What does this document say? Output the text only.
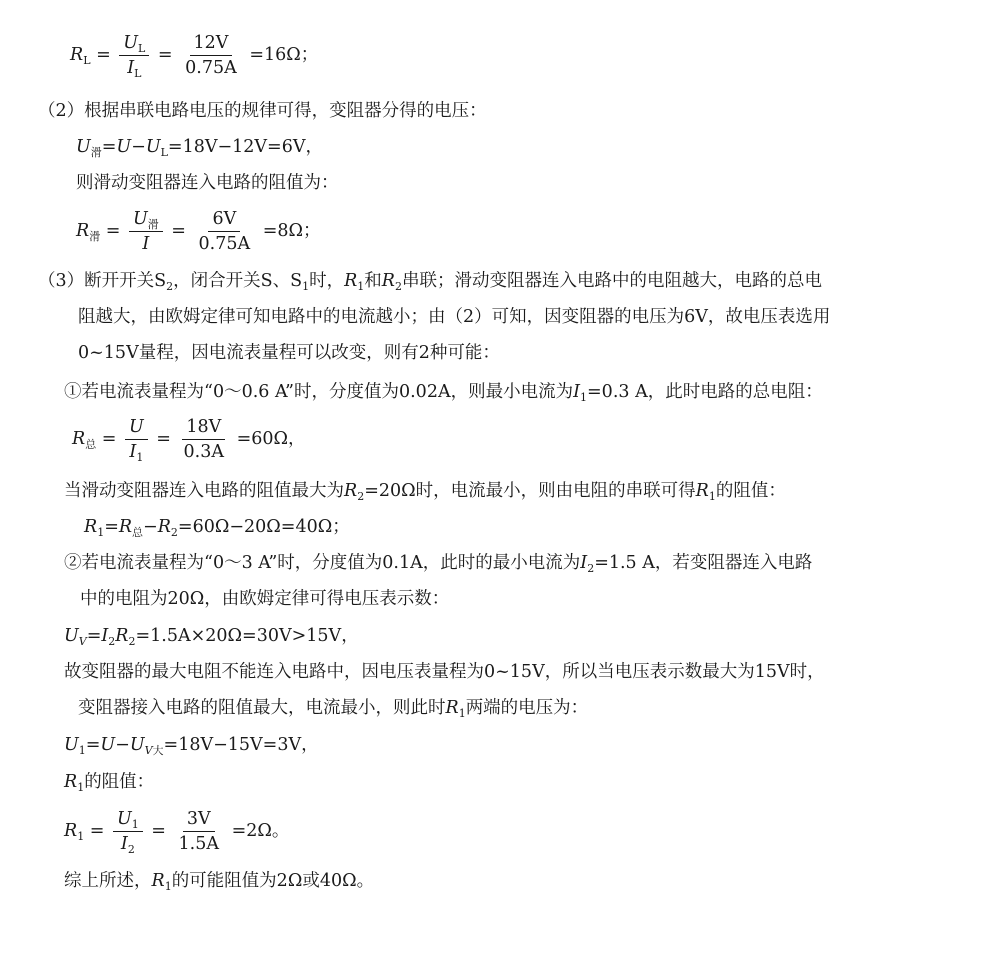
$R_L = \frac{U_L}{I_L} = \frac{12V}{0.75A} =16\Omega$；
（2）根据串联电路电压的规律可得，变阻器分得的电压：
$U_滑=U-U_L=18V-12V=6V$，
则滑动变阻器连入电路的阻值为：
$R_滑 = \frac{U_滑}{I} = \frac{6V}{0.75A} =8\Omega$；
（3）断开开关$S_2$，闭合开关S、$S_1$时，$R_1$和$R_2$串联；滑动变阻器连入电路中的电阻越大，电路的总电
阻越大，由欧姆定律可知电路中的电流越小；由（2）可知，因变阻器的电压为6V，故电压表选用
0~15V量程，因电流表量程可以改变，则有2种可能：
①若电流表量程为“0～0.6 A”时，分度值为0.02A，则最小电流为$I_1=0.3$ A，此时电路的总电阻：
$R_总 = \frac{U}{I_1} = \frac{18V}{0.3A} =60\Omega$，
当滑动变阻器连入电路的阻值最大为$R_2=20\Omega$时，电流最小，则由电阻的串联可得$R_1$的阻值：
$R_1=R_总-R_2=60\Omega-20\Omega=40\Omega$；
②若电流表量程为“0～3 A”时，分度值为0.1A，此时的最小电流为$I_2=1.5$ A，若变阻器连入电路
中的电阻为20Ω，由欧姆定律可得电压表示数：
$U_V=I_2R_2=1.5A\times 20\Omega=30V>15V$，
故变阻器的最大电阻不能连入电路中，因电压表量程为0~15V，所以当电压表示数最大为15V时，
变阻器接入电路的阻值最大，电流最小，则此时$R_1$两端的电压为：
$U_1=U-U_{V大}=18V-15V=3V$，
$R_1$的阻值：
$R_1 = \frac{U_1}{I_2} = \frac{3V}{1.5A} =2\Omega$。
综上所述，$R_1$的可能阻值为2Ω或40Ω。
